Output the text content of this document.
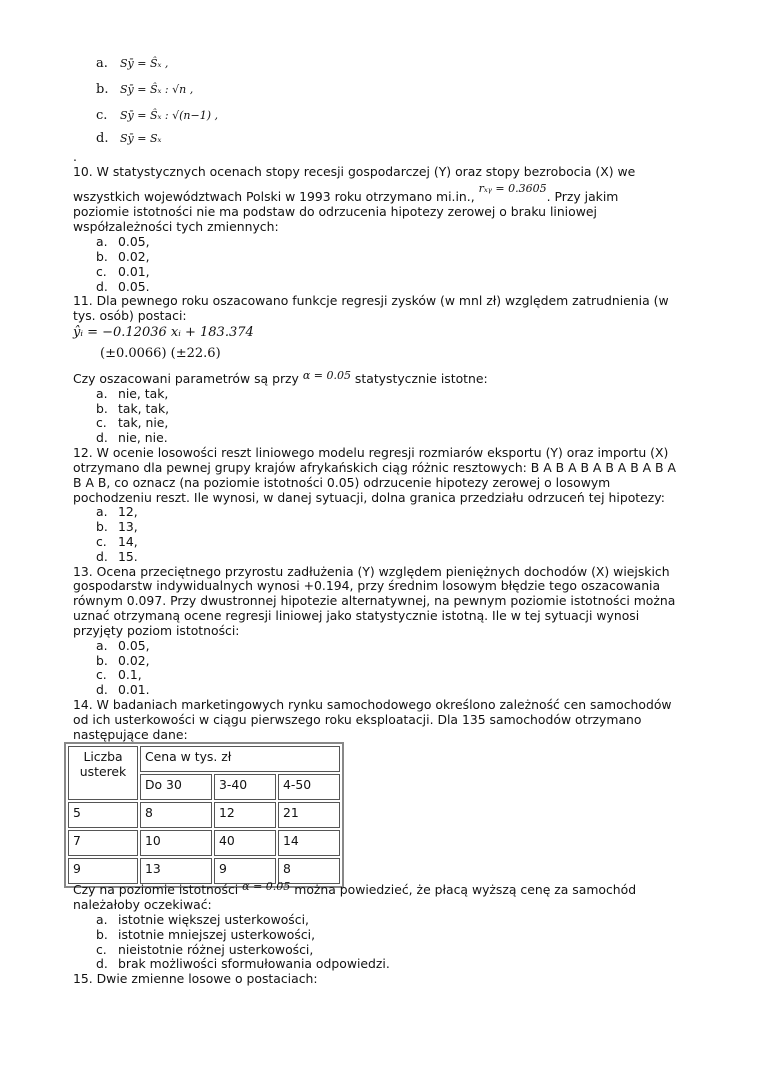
a. Sȳ = Ŝₓ ,
b. Sȳ = Ŝₓ : √n ,
c. Sȳ = Ŝₓ : √(n−1) ,
d. Sȳ = Sₓ
.
10. W statystycznych ocenach stopy recesji gospodarczej (Y) oraz stopy bezrobocia (X) we
wszystkich województwach Polski w 1993 roku otrzymano mi.in., rₓᵧ = 0.3605. Przy jakim
poziomie istotności nie ma podstaw do odrzucenia hipotezy zerowej o braku liniowej
współzależności tych zmiennych:
a. 0.05,
b. 0.02,
c. 0.01,
d. 0.05.
11. Dla pewnego roku oszacowano funkcje regresji zysków (w mnl zł) względem zatrudnienia (w
tys. osób) postaci:
ŷᵢ = −0.12036 xᵢ + 183.374
(±0.0066) (±22.6)
Czy oszacowani parametrów są przy α = 0.05 statystycznie istotne:
a. nie, tak,
b. tak, tak,
c. tak, nie,
d. nie, nie.
12. W ocenie losowości reszt liniowego modelu regresji rozmiarów eksportu (Y) oraz importu (X)
otrzymano dla pewnej grupy krajów afrykańskich ciąg różnic resztowych: B A B A B A B A B A B A
B A B, co oznacz (na poziomie istotności 0.05) odrzucenie hipotezy zerowej o losowym
pochodzeniu reszt. Ile wynosi, w danej sytuacji, dolna granica przedziału odrzuceń tej hipotezy:
a. 12,
b. 13,
c. 14,
d. 15.
13. Ocena przeciętnego przyrostu zadłużenia (Y) względem pieniężnych dochodów (X) wiejskich
gospodarstw indywidualnych wynosi +0.194, przy średnim losowym błędzie tego oszacowania
równym 0.097. Przy dwustronnej hipotezie alternatywnej, na pewnym poziomie istotności można
uznać otrzymaną ocene regresji liniowej jako statystycznie istotną. Ile w tej sytuacji wynosi
przyjęty poziom istotności:
a. 0.05,
b. 0.02,
c. 0.1,
d. 0.01.
14. W badaniach marketingowych rynku samochodowego określono zależność cen samochodów
od ich usterkowości w ciągu pierwszego roku eksploatacji. Dla 135 samochodów otrzymano
następujące dane:
Liczba
usterek	Cena w tys. zł		
	Do 30	3-40	4-50
5	8	12	21
7	10	40	14
9	13	9	8
Czy na poziomie istotności α = 0.05 można powiedzieć, że płacą wyższą cenę za samochód
należałoby oczekiwać:
a. istotnie większej usterkowości,
b. istotnie mniejszej usterkowości,
c. nieistotnie różnej usterkowości,
d. brak możliwości sformułowania odpowiedzi.
15. Dwie zmienne losowe o postaciach:
